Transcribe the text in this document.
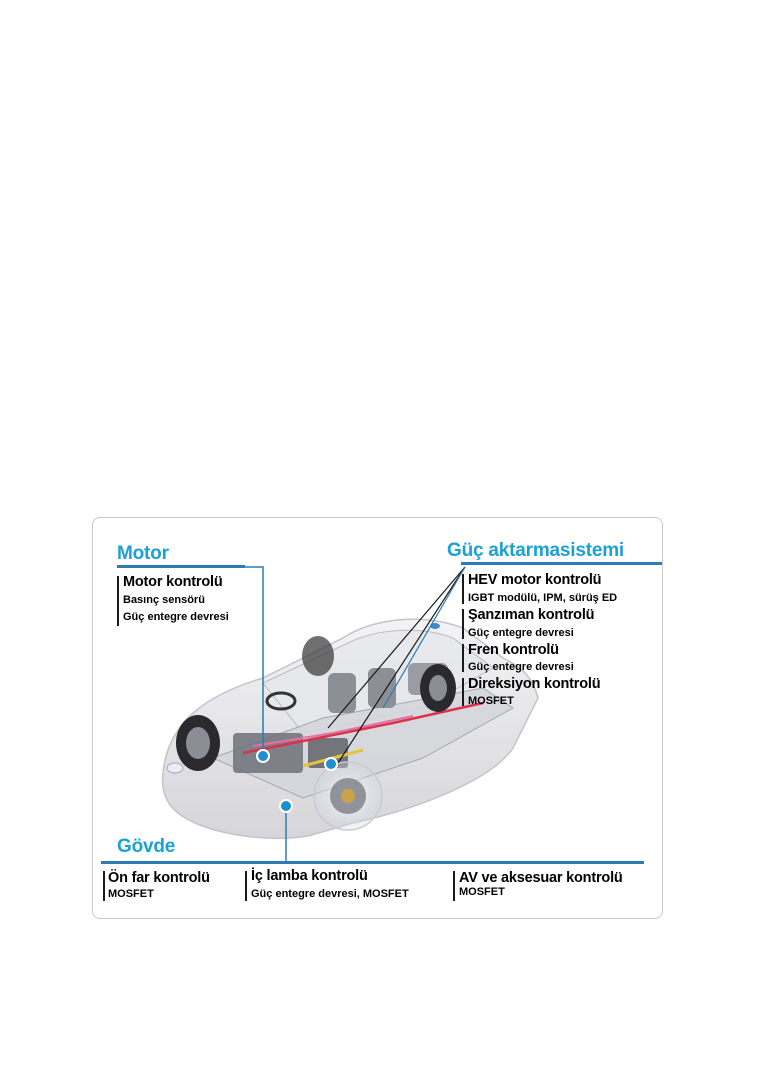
Motor
Motor kontrolü
Basınç sensörü
Güç entegre devresi
Güç aktarmasistemi
HEV motor kontrolü
IGBT modülü, IPM, sürüş ED
Şanzıman kontrolü
Güç entegre devresi
Fren kontrolü
Güç entegre devresi
Direksiyon kontrolü
MOSFET
Gövde
Ön far kontrolü
MOSFET
İç lamba kontrolü
Güç entegre devresi, MOSFET
AV ve aksesuar kontrolü
MOSFET
